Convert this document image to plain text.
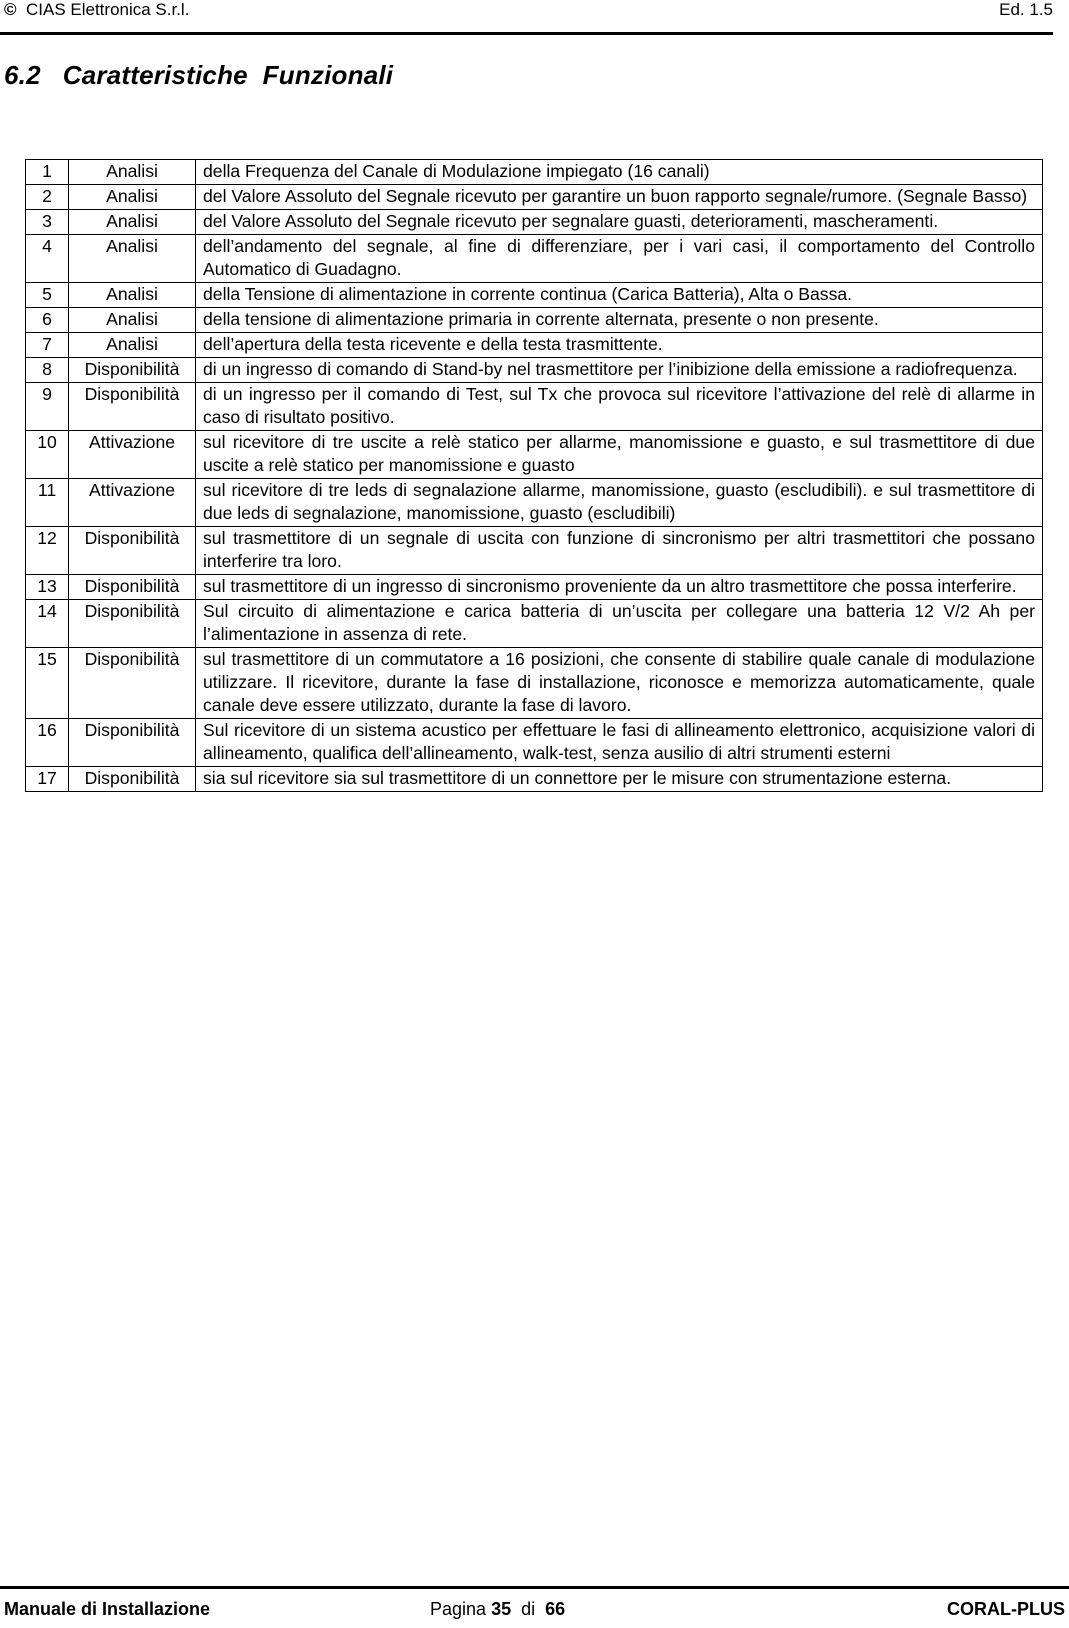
© CIAS Elettronica S.r.l.	Ed. 1.5
6.2 Caratteristiche  Funzionali
1	Analisi	della Frequenza del Canale di Modulazione impiegato (16 canali)
2	Analisi	del Valore Assoluto del Segnale ricevuto per garantire un buon rapporto segnale/rumore. (Segnale Basso)
3	Analisi	del Valore Assoluto del Segnale ricevuto per segnalare guasti, deterioramenti, mascheramenti.
4	Analisi	dell’andamento del segnale, al fine di differenziare, per i vari casi, il comportamento del Controllo Automatico di Guadagno.
5	Analisi	della Tensione di alimentazione in corrente continua (Carica Batteria), Alta o Bassa.
6	Analisi	della tensione di alimentazione primaria in corrente alternata, presente o non presente.
7	Analisi	dell’apertura della testa ricevente e della testa trasmittente.
8	Disponibilità	di un ingresso di comando di Stand-by nel trasmettitore per l’inibizione della emissione a radiofrequenza.
9	Disponibilità	di un ingresso per il comando di Test, sul Tx che provoca sul ricevitore l’attivazione del relè di allarme in caso di risultato positivo.
10	Attivazione	sul ricevitore di tre uscite a relè statico per allarme, manomissione e guasto, e sul trasmettitore di due uscite a relè statico per manomissione e guasto
11	Attivazione	sul ricevitore di tre leds di segnalazione allarme, manomissione, guasto (escludibili). e sul trasmettitore di due leds di segnalazione, manomissione, guasto (escludibili)
12	Disponibilità	sul trasmettitore di un segnale di uscita con funzione di sincronismo per altri trasmettitori che possano interferire tra loro.
13	Disponibilità	sul trasmettitore di un ingresso di sincronismo proveniente da un altro trasmettitore che possa interferire.
14	Disponibilità	Sul circuito di alimentazione e carica batteria di un’uscita per collegare una batteria 12 V/2 Ah per l’alimentazione in assenza di rete.
15	Disponibilità	sul trasmettitore di un commutatore a 16 posizioni, che consente di stabilire quale canale di modulazione utilizzare. Il ricevitore, durante la fase di installazione, riconosce e memorizza automaticamente, quale canale deve essere utilizzato, durante la fase di lavoro.
16	Disponibilità	Sul ricevitore di un sistema acustico per effettuare le fasi di allineamento elettronico, acquisizione valori di allineamento, qualifica dell’allineamento, walk-test, senza ausilio di altri strumenti esterni
17	Disponibilità	sia sul ricevitore sia sul trasmettitore di un connettore per le misure con strumentazione esterna.
Manuale di Installazione	Pagina 35 di 66	CORAL-PLUS
